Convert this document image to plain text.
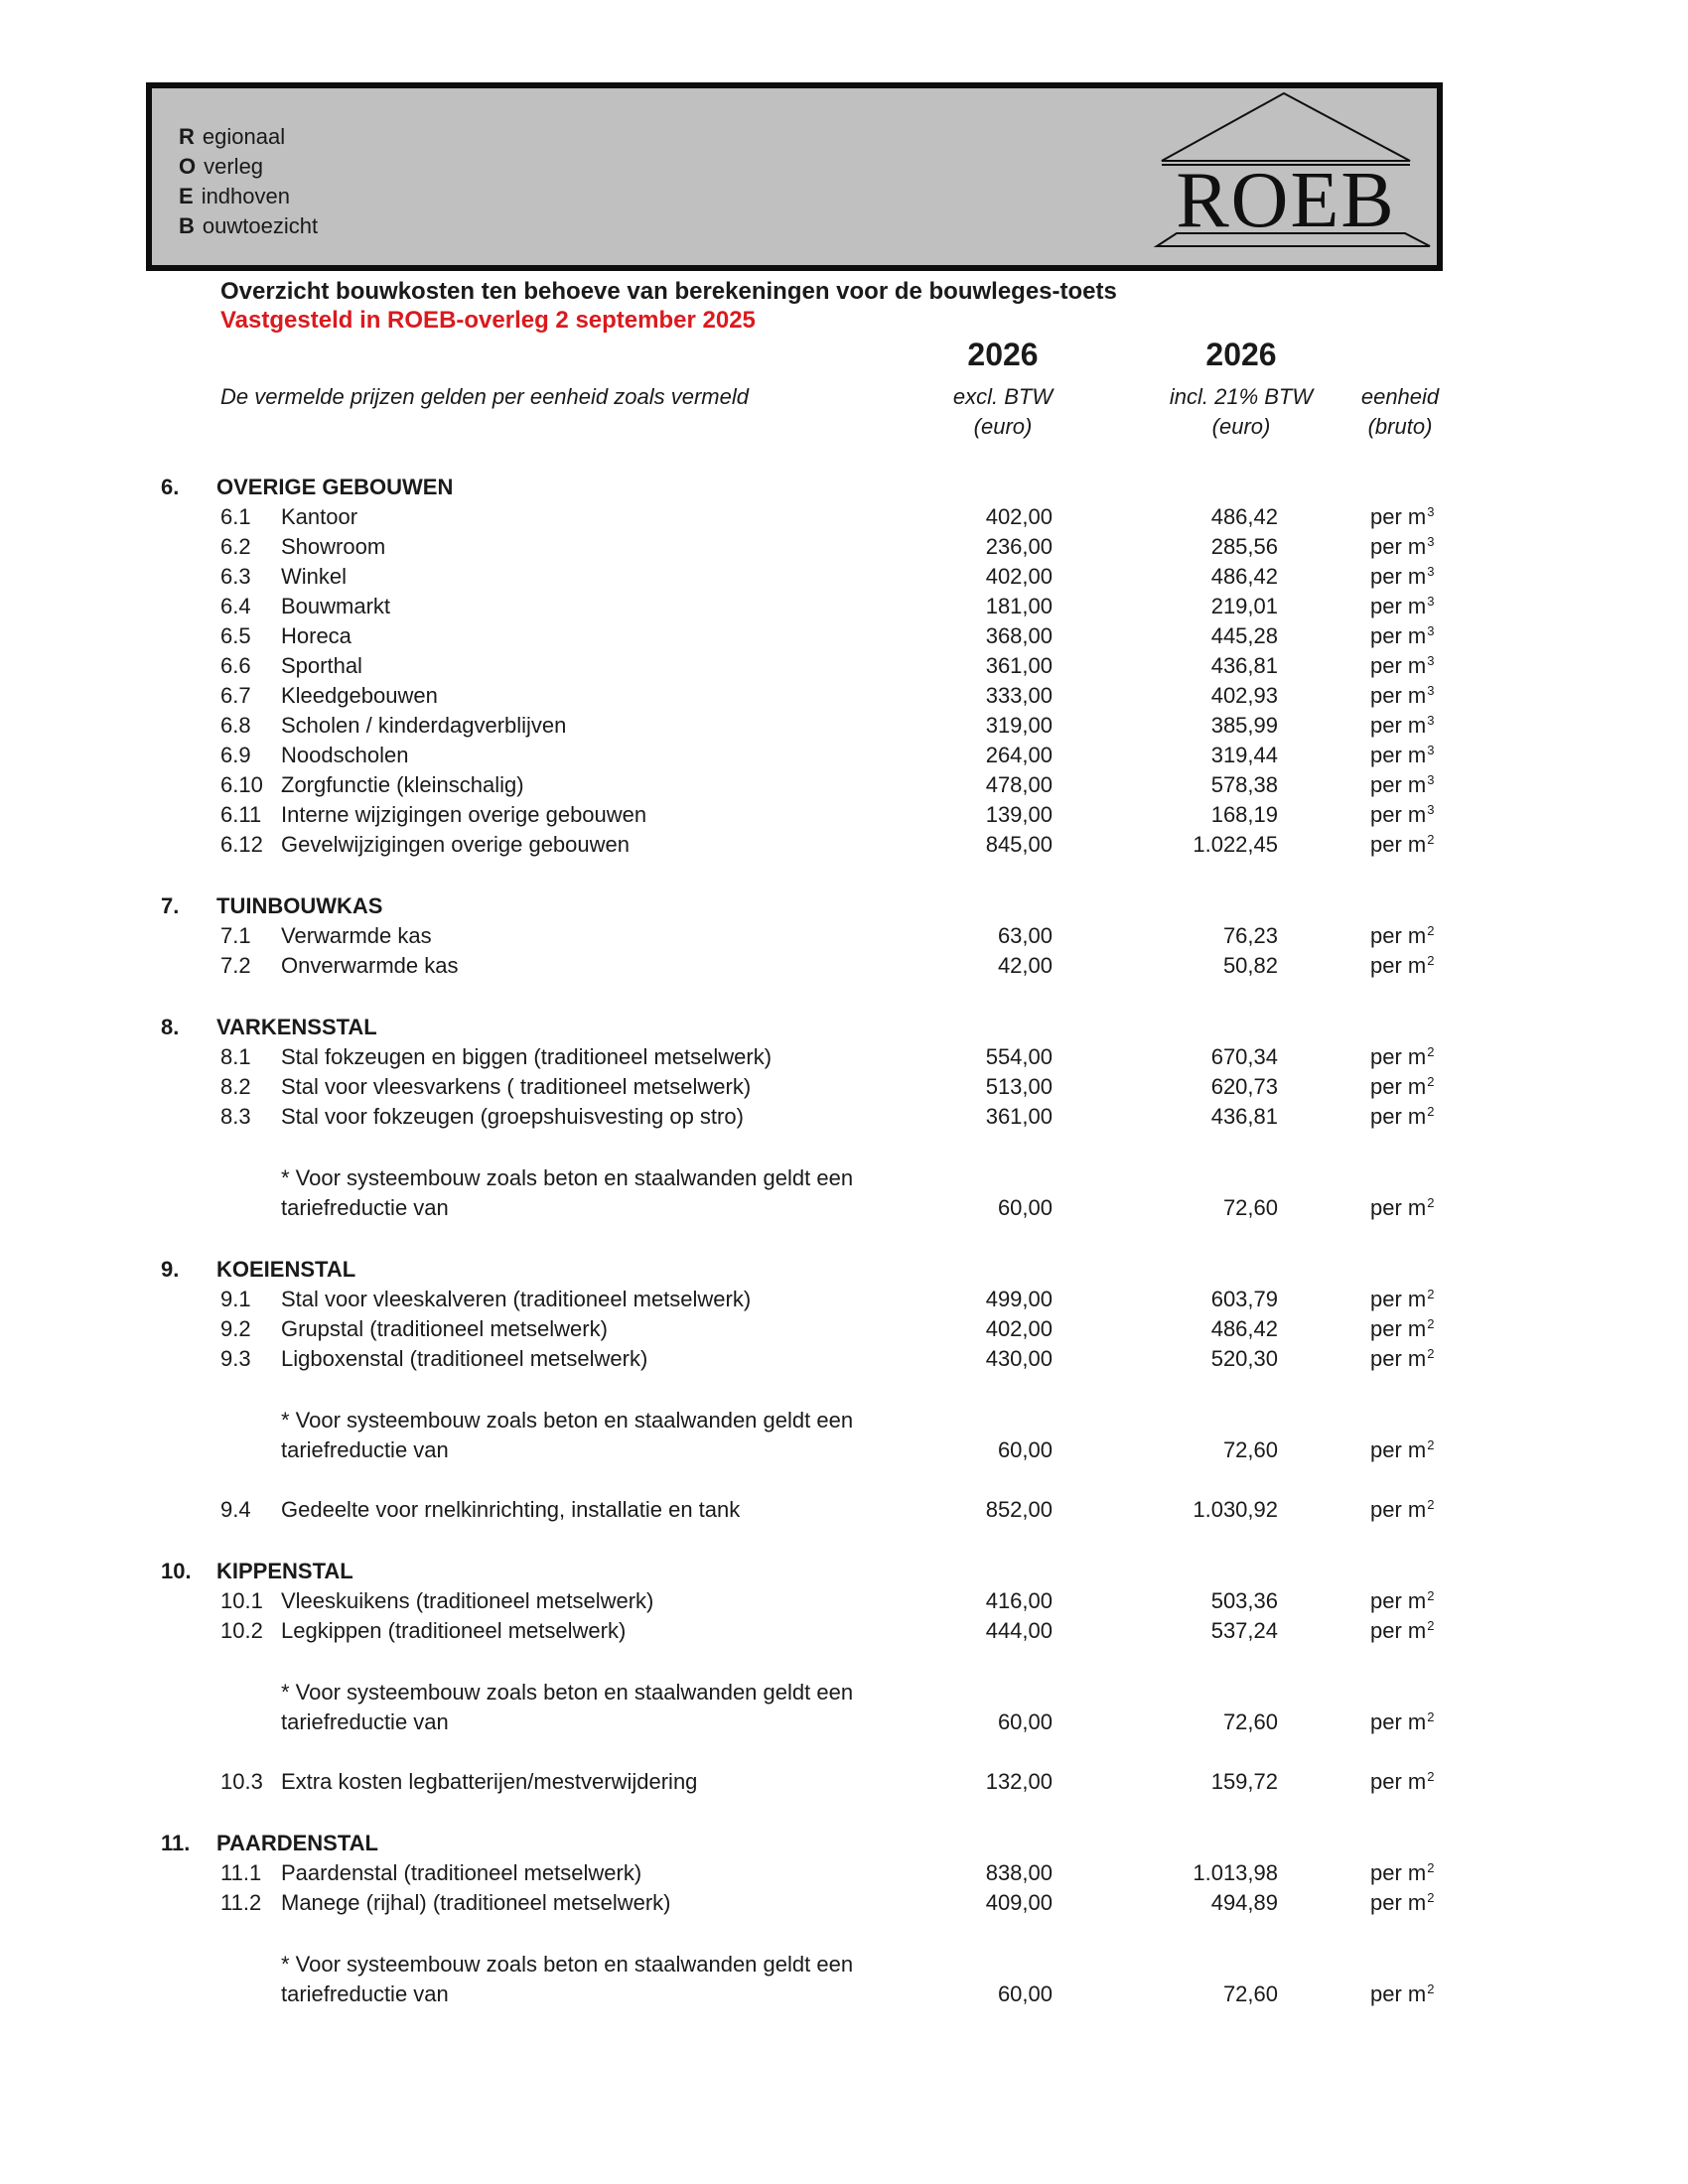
R egionaal
O verleg
E indhoven
B ouwtoezicht	ROEB
Overzicht bouwkosten ten behoeve van berekeningen voor de bouwleges-toets
Vastgesteld in ROEB-overleg 2 september 2025
2026	2026
De vermelde prijzen gelden per eenheid zoals vermeld	excl. BTW	incl. 21% BTW	eenheid
(euro)	(euro)	(bruto)
6. OVERIGE GEBOUWEN
6.1 Kantoor	402,00	486,42	per m 3
6.2 Showroom	236,00	285,56	per m 3
6.3 Winkel	402,00	486,42	per m 3
6.4 Bouwmarkt	181,00	219,01	per m 3
6.5 Horeca	368,00	445,28	per m 3
6.6 Sporthal	361,00	436,81	per m 3
6.7 Kleedgebouwen	333,00	402,93	per m 3
6.8 Scholen / kinderdagverblijven	319,00	385,99	per m 3
6.9 Noodscholen	264,00	319,44	per m 3
6.10 Zorgfunctie (kleinschalig)	478,00	578,38	per m 3
6.11 Interne wijzigingen overige gebouwen	139,00	168,19	per m 3
6.12 Gevelwijzigingen overige gebouwen	845,00	1.022,45	per m 2
7. TUINBOUWKAS
7.1 Verwarmde kas	63,00	76,23	per m 2
7.2 Onverwarmde kas	42,00	50,82	per m 2
8. VARKENSSTAL
8.1 Stal fokzeugen en biggen (traditioneel metselwerk)	554,00	670,34	per m 2
8.2 Stal voor vleesvarkens ( traditioneel metselwerk)	513,00	620,73	per m 2
8.3 Stal voor fokzeugen (groepshuisvesting op stro)	361,00	436,81	per m 2
* Voor systeembouw zoals beton en staalwanden geldt een
tariefreductie van	60,00	72,60	per m 2
9. KOEIENSTAL
9.1 Stal voor vleeskalveren (traditioneel metselwerk)	499,00	603,79	per m 2
9.2 Grupstal (traditioneel metselwerk)	402,00	486,42	per m 2
9.3 Ligboxenstal (traditioneel metselwerk)	430,00	520,30	per m 2
* Voor systeembouw zoals beton en staalwanden geldt een
tariefreductie van	60,00	72,60	per m 2
9.4 Gedeelte voor rnelkinrichting, installatie en tank	852,00	1.030,92	per m 2
10. KIPPENSTAL
10.1 Vleeskuikens (traditioneel metselwerk)	416,00	503,36	per m 2
10.2 Legkippen (traditioneel metselwerk)	444,00	537,24	per m 2
* Voor systeembouw zoals beton en staalwanden geldt een
tariefreductie van	60,00	72,60	per m 2
10.3 Extra kosten legbatterijen/mestverwijdering	132,00	159,72	per m 2
11. PAARDENSTAL
11.1 Paardenstal (traditioneel metselwerk)	838,00	1.013,98	per m 2
11.2 Manege (rijhal) (traditioneel metselwerk)	409,00	494,89	per m 2
* Voor systeembouw zoals beton en staalwanden geldt een
tariefreductie van	60,00	72,60	per m 2
